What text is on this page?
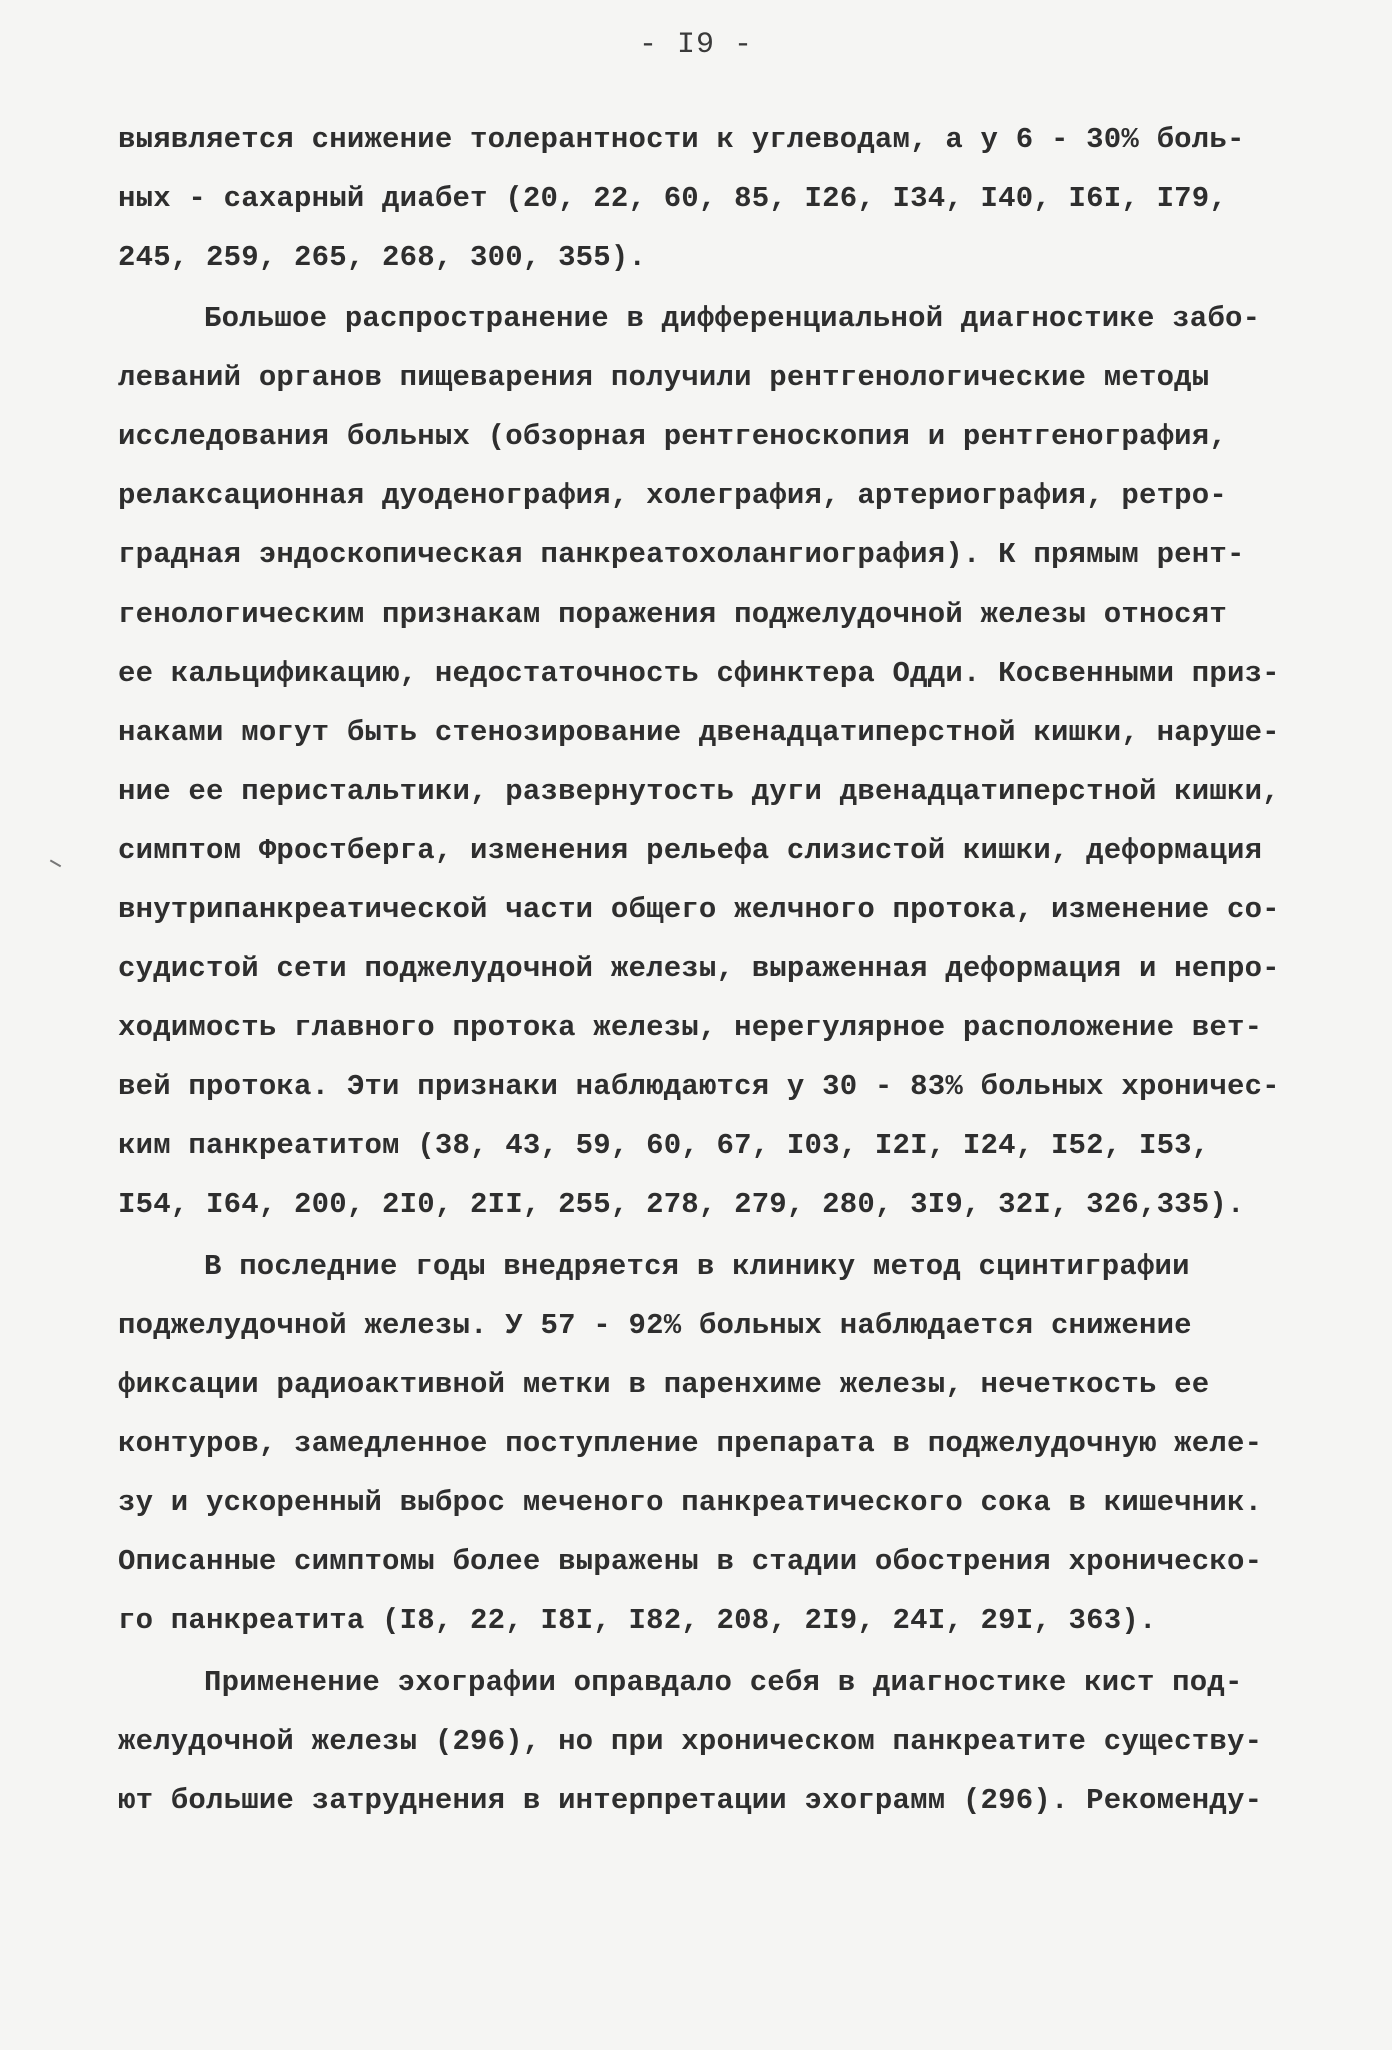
- I9 -
выявляется снижение толерантности к углеводам, а у 6 - 30% боль-
ных - сахарный диабет (20, 22, 60, 85, I26, I34, I40, I6I, I79,
245, 259, 265, 268, 300, 355).
Большое распространение в дифференциальной диагностике забо-
леваний органов пищеварения получили рентгенологические методы
исследования больных (обзорная рентгеноскопия и рентгенография,
релаксационная дуоденография, холеграфия, артериография, ретро-
градная эндоскопическая панкреатохолангиография). К прямым рент-
генологическим признакам поражения поджелудочной железы относят
ее кальцификацию, недостаточность сфинктера Одди. Косвенными приз-
наками могут быть стенозирование двенадцатиперстной кишки, наруше-
ние ее перистальтики, развернутость дуги двенадцатиперстной кишки,
симптом Фростберга, изменения рельефа слизистой кишки, деформация
внутрипанкреатической части общего желчного протока, изменение со-
судистой сети поджелудочной железы, выраженная деформация и непро-
ходимость главного протока железы, нерегулярное расположение вет-
вей протока. Эти признаки наблюдаются у 30 - 83% больных хроничес-
ким панкреатитом (38, 43, 59, 60, 67, I03, I2I, I24, I52, I53,
I54, I64, 200, 2I0, 2II, 255, 278, 279, 280, 3I9, 32I, 326,335).
В последние годы внедряется в клинику метод сцинтиграфии
поджелудочной железы. У 57 - 92% больных наблюдается снижение
фиксации радиоактивной метки в паренхиме железы, нечеткость ее
контуров, замедленное поступление препарата в поджелудочную желе-
зу и ускоренный выброс меченого панкреатического сока в кишечник.
Описанные симптомы более выражены в стадии обострения хроническо-
го панкреатита (I8, 22, I8I, I82, 208, 2I9, 24I, 29I, 363).
Применение эхографии оправдало себя в диагностике кист под-
желудочной железы (296), но при хроническом панкреатите существу-
ют большие затруднения в интерпретации эхограмм (296). Рекоменду-
